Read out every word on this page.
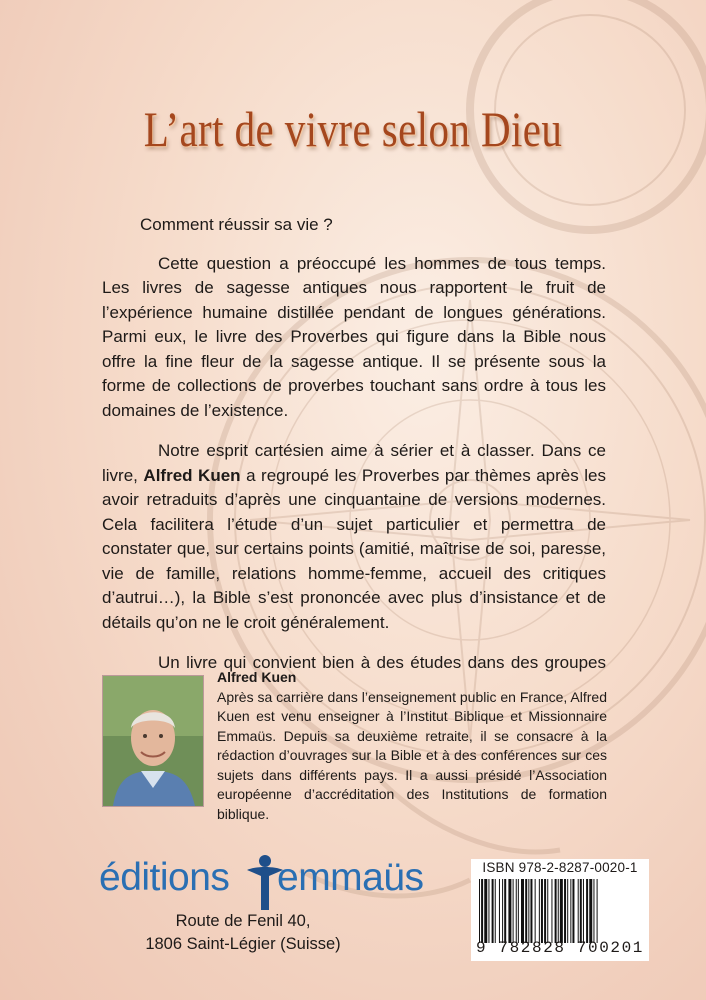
L’art de vivre selon Dieu

Comment réussir sa vie ?

Cette question a préoccupé les hommes de tous temps. Les livres de sagesse antiques nous rapportent le fruit de l’expérience humaine distillée pendant de longues générations. Parmi eux, le livre des Proverbes qui figure dans la Bible nous offre la fine fleur de la sagesse antique. Il se présente sous la forme de collections de proverbes touchant sans ordre à tous les domaines de l’existence.

Notre esprit cartésien aime à sérier et à classer. Dans ce livre, Alfred Kuen a regroupé les Proverbes par thèmes après les avoir retraduits d’après une cinquantaine de versions modernes. Cela facilitera l’étude d’un sujet particulier et permettra de constater que, sur certains points (amitié, maîtrise de soi, paresse, vie de famille, relations homme-femme, accueil des critiques d’autrui…), la Bible s’est prononcée avec plus d’insistance et de détails qu’on ne le croit généralement.

Un livre qui convient bien à des études dans des groupes

Alfred Kuen
Après sa carrière dans l’enseignement public en France, Alfred Kuen est venu enseigner à l’Institut Biblique et Missionnaire Emmaüs. Depuis sa deuxième retraite, il se consacre à la rédaction d’ouvrages sur la Bible et à des conférences sur ces sujets dans différents pays. Il a aussi présidé l’Association européenne d’accréditation des Institutions de formation biblique.
éditions emmaüs
Route de Fenil 40,
1806 Saint-Légier (Suisse)
ISBN 978-2-8287-0020-1
9 782828 700201
